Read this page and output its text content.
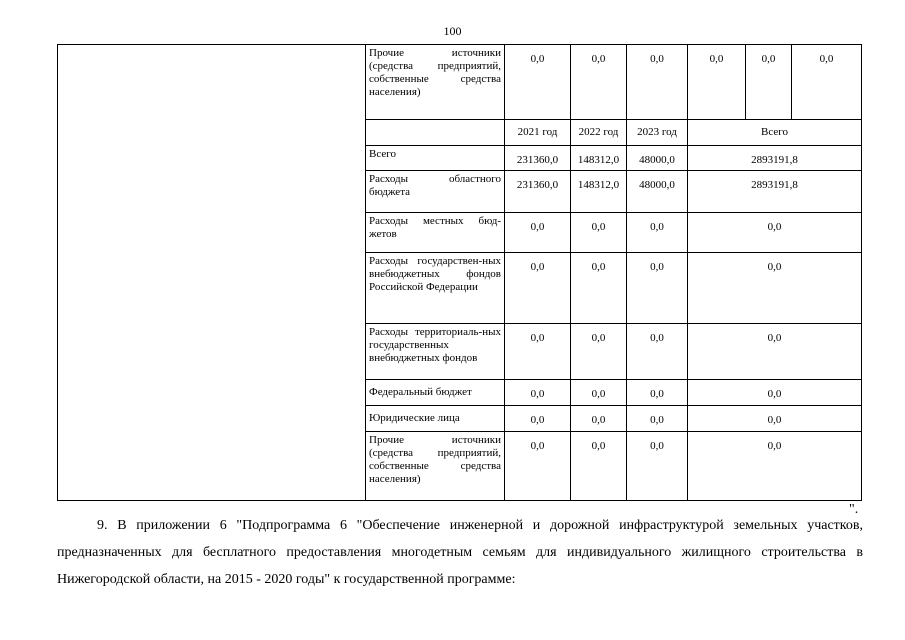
100
	Прочие источники (средства предприятий, собственные средства населения)	0,0	0,0	0,0	0,0	0,0	0,0
		2021 год	2022 год	2023 год	Всего		
	Всего	231360,0	148312,0	48000,0	2893191,8		
	Расходы областного бюджета	231360,0	148312,0	48000,0	2893191,8		
	Расходы местных бюд-жетов	0,0	0,0	0,0	0,0		
	Расходы государствен-ных внебюджетных фондов Российской Федерации	0,0	0,0	0,0	0,0		
	Расходы территориаль-ных государственных внебюджетных фондов	0,0	0,0	0,0	0,0		
	Федеральный бюджет	0,0	0,0	0,0	0,0		
	Юридические лица	0,0	0,0	0,0	0,0		
	Прочие источники (средства предприятий, собственные средства населения)	0,0	0,0	0,0	0,0		
".
9. В приложении 6 "Подпрограмма 6 "Обеспечение инженерной и дорожной инфраструктурой земельных участков, предназначенных для бесплатного предоставления многодетным семьям для индивидуального жилищного строительства в Нижегородской области, на 2015 - 2020 годы" к государственной программе:
